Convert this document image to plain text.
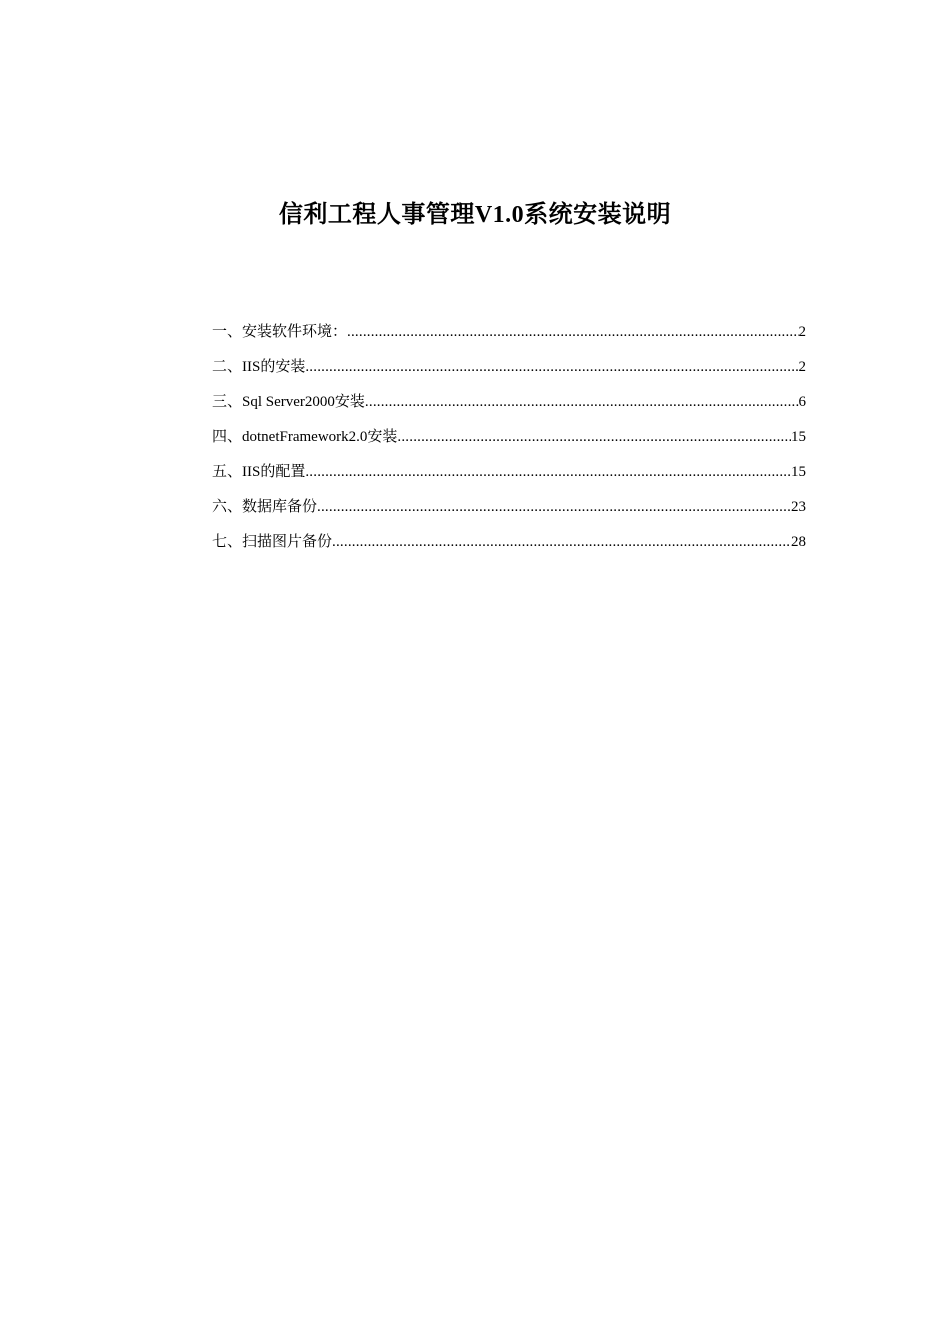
信利工程人事管理V1.0系统安装说明
一、安装软件环境： .....	2
二、IIS的安装 .....	2
三、Sql Server2000安装 .....	6
四、dotnetFramework2.0安装 .....	15
五、IIS的配置 .....	15
六、数据库备份 .....	23
七、扫描图片备份 .....	28
